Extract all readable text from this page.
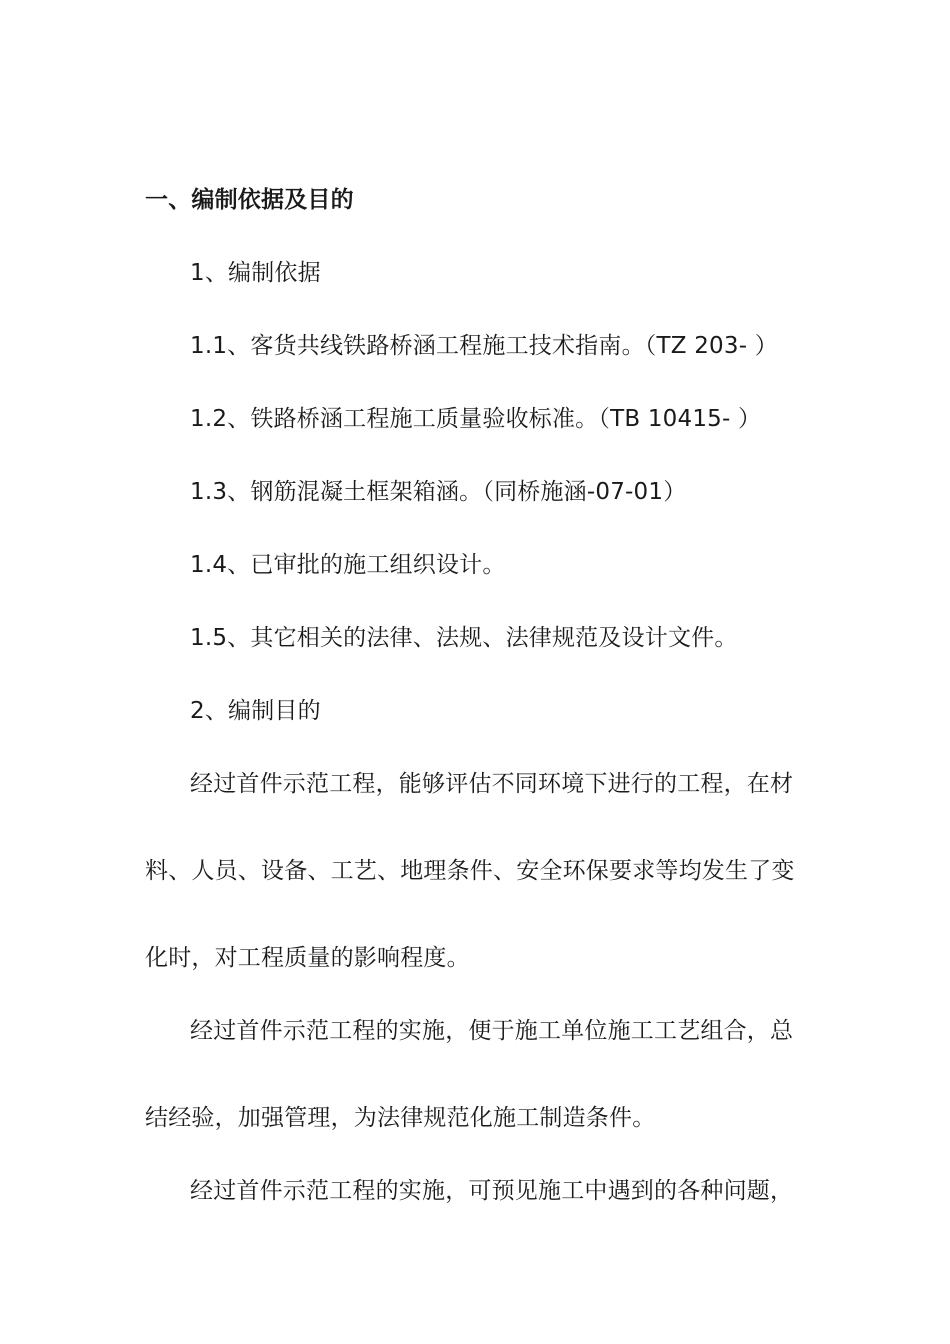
一、编制依据及目的

1、编制依据

1.1、客货共线铁路桥涵工程施工技术指南。（TZ 203- ）

1.2、铁路桥涵工程施工质量验收标准。（TB 10415- ）

1.3、钢筋混凝土框架箱涵。（同桥施涵-07-01）

1.4、已审批的施工组织设计。

1.5、其它相关的法律、法规、法律规范及设计文件。

2、编制目的

经过首件示范工程，能够评估不同环境下进行的工程，在材

料、人员、设备、工艺、地理条件、安全环保要求等均发生了变

化时，对工程质量的影响程度。

经过首件示范工程的实施，便于施工单位施工工艺组合，总

结经验，加强管理，为法律规范化施工制造条件。

经过首件示范工程的实施，可预见施工中遇到的各种问题，
